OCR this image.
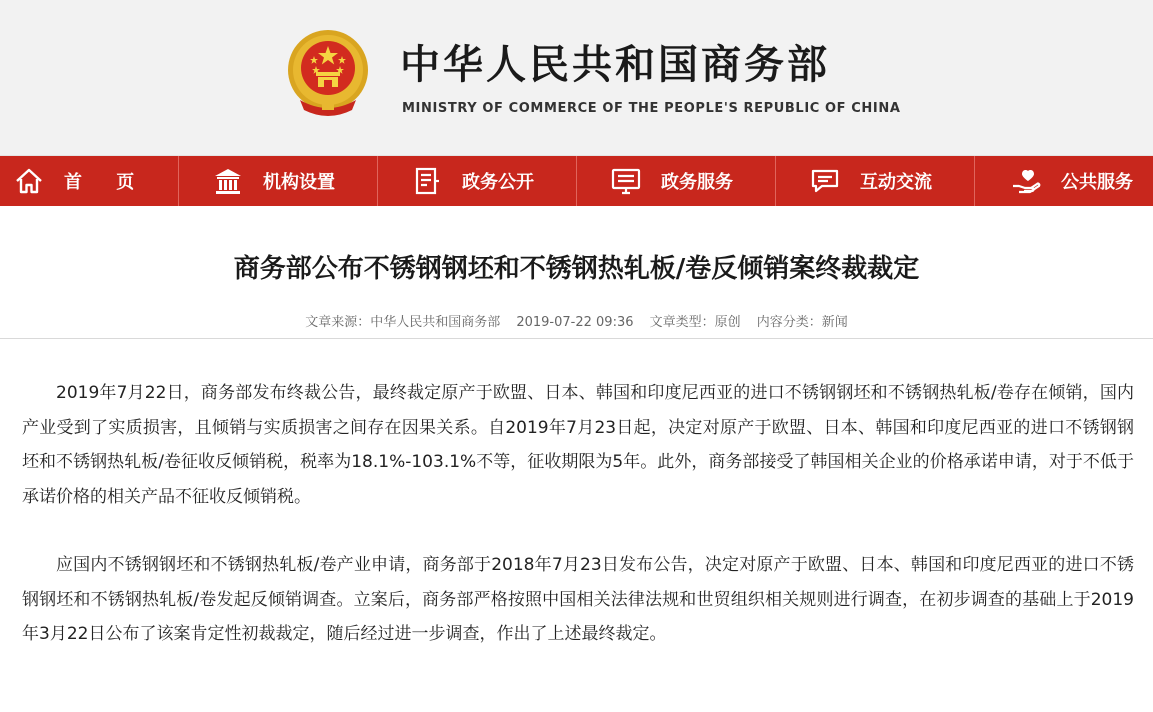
中华人民共和国商务部
MINISTRY OF COMMERCE OF THE PEOPLE'S REPUBLIC OF CHINA
首 页	机构设置	政务公开	政务服务	互动交流	公共服务
商务部公布不锈钢钢坯和不锈钢热轧板/卷反倾销案终裁裁定
文章来源：中华人民共和国商务部 2019-07-22 09:36 文章类型：原创 内容分类：新闻

2019年7月22日，商务部发布终裁公告，最终裁定原产于欧盟、日本、韩国和印度尼西亚的进口不锈钢钢坯和不锈钢热轧板/卷存在倾销，国内产业受到了实质损害，且倾销与实质损害之间存在因果关系。自2019年7月23日起，决定对原产于欧盟、日本、韩国和印度尼西亚的进口不锈钢钢坯和不锈钢热轧板/卷征收反倾销税，税率为18.1%-103.1%不等，征收期限为5年。此外，商务部接受了韩国相关企业的价格承诺申请，对于不低于承诺价格的相关产品不征收反倾销税。

应国内不锈钢钢坯和不锈钢热轧板/卷产业申请，商务部于2018年7月23日发布公告，决定对原产于欧盟、日本、韩国和印度尼西亚的进口不锈钢钢坯和不锈钢热轧板/卷发起反倾销调查。立案后，商务部严格按照中国相关法律法规和世贸组织相关规则进行调查，在初步调查的基础上于2019年3月22日公布了该案肯定性初裁裁定，随后经过进一步调查，作出了上述最终裁定。
